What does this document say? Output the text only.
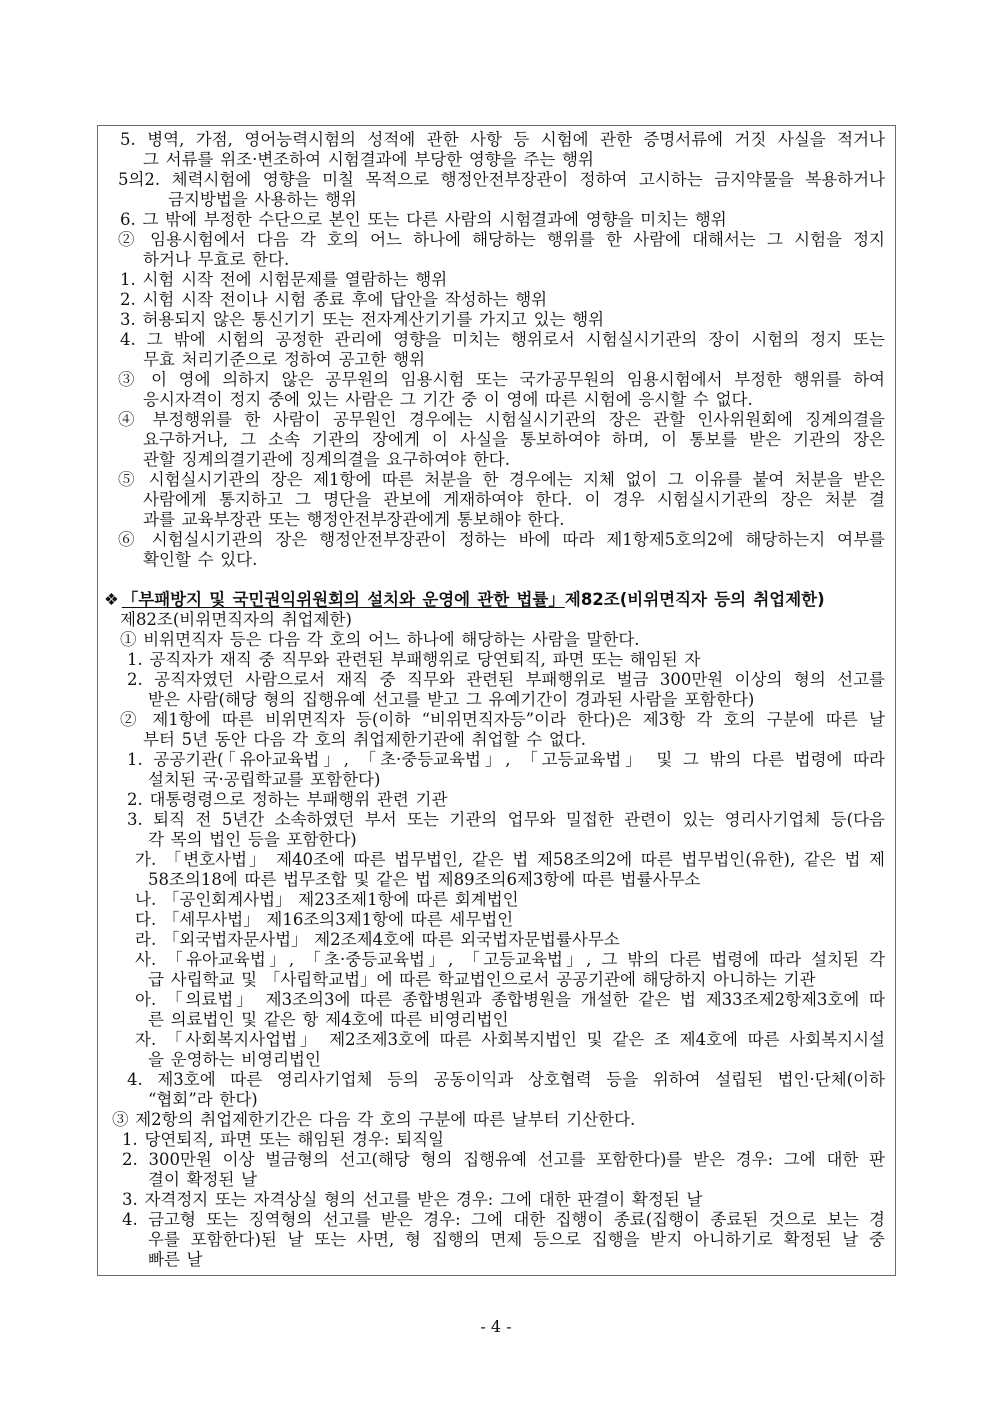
5. 병역, 가점, 영어능력시험의 성적에 관한 사항 등 시험에 관한 증명서류에 거짓 사실을 적거나
그 서류를 위조·변조하여 시험결과에 부당한 영향을 주는 행위
5의2. 체력시험에 영향을 미칠 목적으로 행정안전부장관이 정하여 고시하는 금지약물을 복용하거나
금지방법을 사용하는 행위
6. 그 밖에 부정한 수단으로 본인 또는 다른 사람의 시험결과에 영향을 미치는 행위
② 임용시험에서 다음 각 호의 어느 하나에 해당하는 행위를 한 사람에 대해서는 그 시험을 정지
하거나 무효로 한다.
1. 시험 시작 전에 시험문제를 열람하는 행위
2. 시험 시작 전이나 시험 종료 후에 답안을 작성하는 행위
3. 허용되지 않은 통신기기 또는 전자계산기기를 가지고 있는 행위
4. 그 밖에 시험의 공정한 관리에 영향을 미치는 행위로서 시험실시기관의 장이 시험의 정지 또는
무효 처리기준으로 정하여 공고한 행위
③ 이 영에 의하지 않은 공무원의 임용시험 또는 국가공무원의 임용시험에서 부정한 행위를 하여
응시자격이 정지 중에 있는 사람은 그 기간 중 이 영에 따른 시험에 응시할 수 없다.
④ 부정행위를 한 사람이 공무원인 경우에는 시험실시기관의 장은 관할 인사위원회에 징계의결을
요구하거나, 그 소속 기관의 장에게 이 사실을 통보하여야 하며, 이 통보를 받은 기관의 장은
관할 징계의결기관에 징계의결을 요구하여야 한다.
⑤ 시험실시기관의 장은 제1항에 따른 처분을 한 경우에는 지체 없이 그 이유를 붙여 처분을 받은
사람에게 통지하고 그 명단을 관보에 게재하여야 한다. 이 경우 시험실시기관의 장은 처분 결
과를 교육부장관 또는 행정안전부장관에게 통보해야 한다.
⑥ 시험실시기관의 장은 행정안전부장관이 정하는 바에 따라 제1항제5호의2에 해당하는지 여부를
확인할 수 있다.
❖ 「부패방지 및 국민권익위원회의 설치와 운영에 관한 법률」제82조(비위면직자 등의 취업제한)
제82조(비위면직자의 취업제한)
① 비위면직자 등은 다음 각 호의 어느 하나에 해당하는 사람을 말한다.
1. 공직자가 재직 중 직무와 관련된 부패행위로 당연퇴직, 파면 또는 해임된 자
2. 공직자였던 사람으로서 재직 중 직무와 관련된 부패행위로 벌금 300만원 이상의 형의 선고를
받은 사람(해당 형의 집행유예 선고를 받고 그 유예기간이 경과된 사람을 포함한다)
② 제1항에 따른 비위면직자 등(이하 “비위면직자등”이라 한다)은 제3항 각 호의 구분에 따른 날
부터 5년 동안 다음 각 호의 취업제한기관에 취업할 수 없다.
1. 공공기관(「유아교육법」, 「초·중등교육법」, 「고등교육법」 및 그 밖의 다른 법령에 따라
설치된 국·공립학교를 포함한다)
2. 대통령령으로 정하는 부패행위 관련 기관
3. 퇴직 전 5년간 소속하였던 부서 또는 기관의 업무와 밀접한 관련이 있는 영리사기업체 등(다음
각 목의 법인 등을 포함한다)
가. 「변호사법」 제40조에 따른 법무법인, 같은 법 제58조의2에 따른 법무법인(유한), 같은 법 제
58조의18에 따른 법무조합 및 같은 법 제89조의6제3항에 따른 법률사무소
나. 「공인회계사법」 제23조제1항에 따른 회계법인
다. 「세무사법」 제16조의3제1항에 따른 세무법인
라. 「외국법자문사법」 제2조제4호에 따른 외국법자문법률사무소
사. 「유아교육법」, 「초·중등교육법」, 「고등교육법」, 그 밖의 다른 법령에 따라 설치된 각
급 사립학교 및 「사립학교법」에 따른 학교법인으로서 공공기관에 해당하지 아니하는 기관
아. 「의료법」 제3조의3에 따른 종합병원과 종합병원을 개설한 같은 법 제33조제2항제3호에 따
른 의료법인 및 같은 항 제4호에 따른 비영리법인
자. 「사회복지사업법」 제2조제3호에 따른 사회복지법인 및 같은 조 제4호에 따른 사회복지시설
을 운영하는 비영리법인
4. 제3호에 따른 영리사기업체 등의 공동이익과 상호협력 등을 위하여 설립된 법인·단체(이하
“협회”라 한다)
③ 제2항의 취업제한기간은 다음 각 호의 구분에 따른 날부터 기산한다.
1. 당연퇴직, 파면 또는 해임된 경우: 퇴직일
2. 300만원 이상 벌금형의 선고(해당 형의 집행유예 선고를 포함한다)를 받은 경우: 그에 대한 판
결이 확정된 날
3. 자격정지 또는 자격상실 형의 선고를 받은 경우: 그에 대한 판결이 확정된 날
4. 금고형 또는 징역형의 선고를 받은 경우: 그에 대한 집행이 종료(집행이 종료된 것으로 보는 경
우를 포함한다)된 날 또는 사면, 형 집행의 면제 등으로 집행을 받지 아니하기로 확정된 날 중
빠른 날
- 4 -
